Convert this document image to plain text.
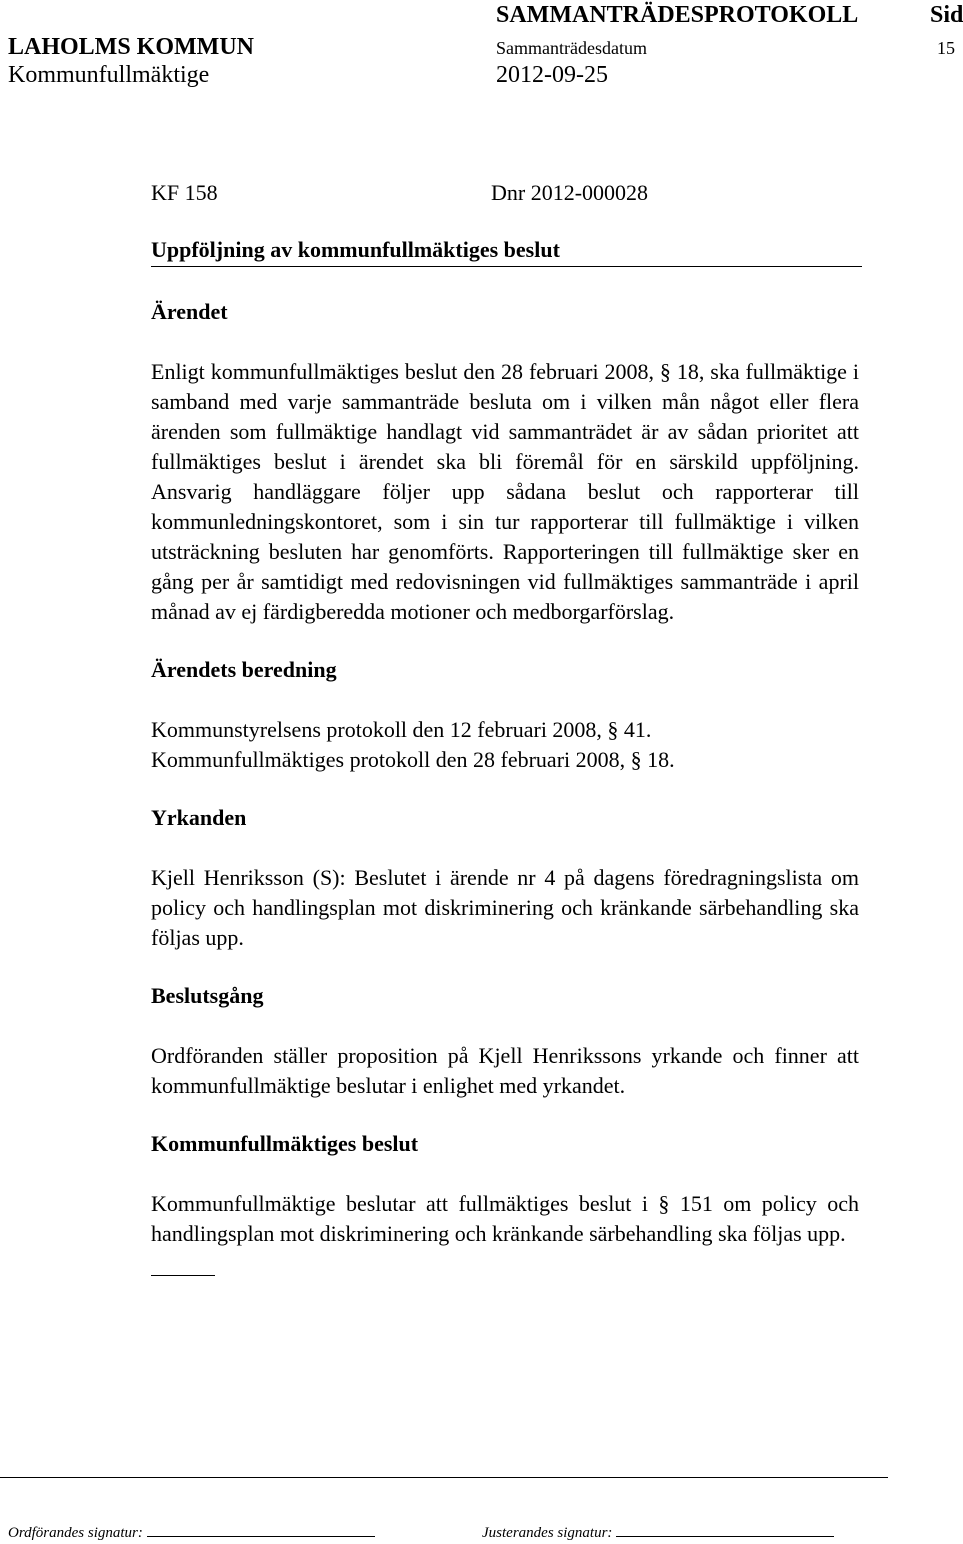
SAMMANTRÄDESPROTOKOLL	Sid
LAHOLMS KOMMUN	Sammanträdesdatum	15
Kommunfullmäktige	2012-09-25
KF 158	Dnr 2012-000028
Uppföljning av kommunfullmäktiges beslut
Ärendet

Enligt kommunfullmäktiges beslut den 28 februari 2008, § 18, ska fullmäktige i samband med varje sammanträde besluta om i vilken mån något eller flera ärenden som fullmäktige handlagt vid sammanträdet är av sådan prioritet att fullmäktiges beslut i ärendet ska bli föremål för en särskild uppföljning. Ansvarig handläggare följer upp sådana beslut och rapporterar till kommunledningskontoret, som i sin tur rapporterar till fullmäktige i vilken utsträckning besluten har genomförts. Rapporteringen till fullmäktige sker en gång per år samtidigt med redovisningen vid fullmäktiges sammanträde i april månad av ej färdigberedda motioner och medborgarförslag.

Ärendets beredning

Kommunstyrelsens protokoll den 12 februari 2008, § 41.

Kommunfullmäktiges protokoll den 28 februari 2008, § 18.

Yrkanden

Kjell Henriksson (S): Beslutet i ärende nr 4 på dagens föredragningslista om policy och handlingsplan mot diskriminering och kränkande särbehandling ska följas upp.

Beslutsgång

Ordföranden ställer proposition på Kjell Henrikssons yrkande och finner att kommunfullmäktige beslutar i enlighet med yrkandet.

Kommunfullmäktiges beslut

Kommunfullmäktige beslutar att fullmäktiges beslut i § 151 om policy och handlingsplan mot diskriminering och kränkande särbehandling ska följas upp.

Ordförandes signatur:	Justerandes signatur:
